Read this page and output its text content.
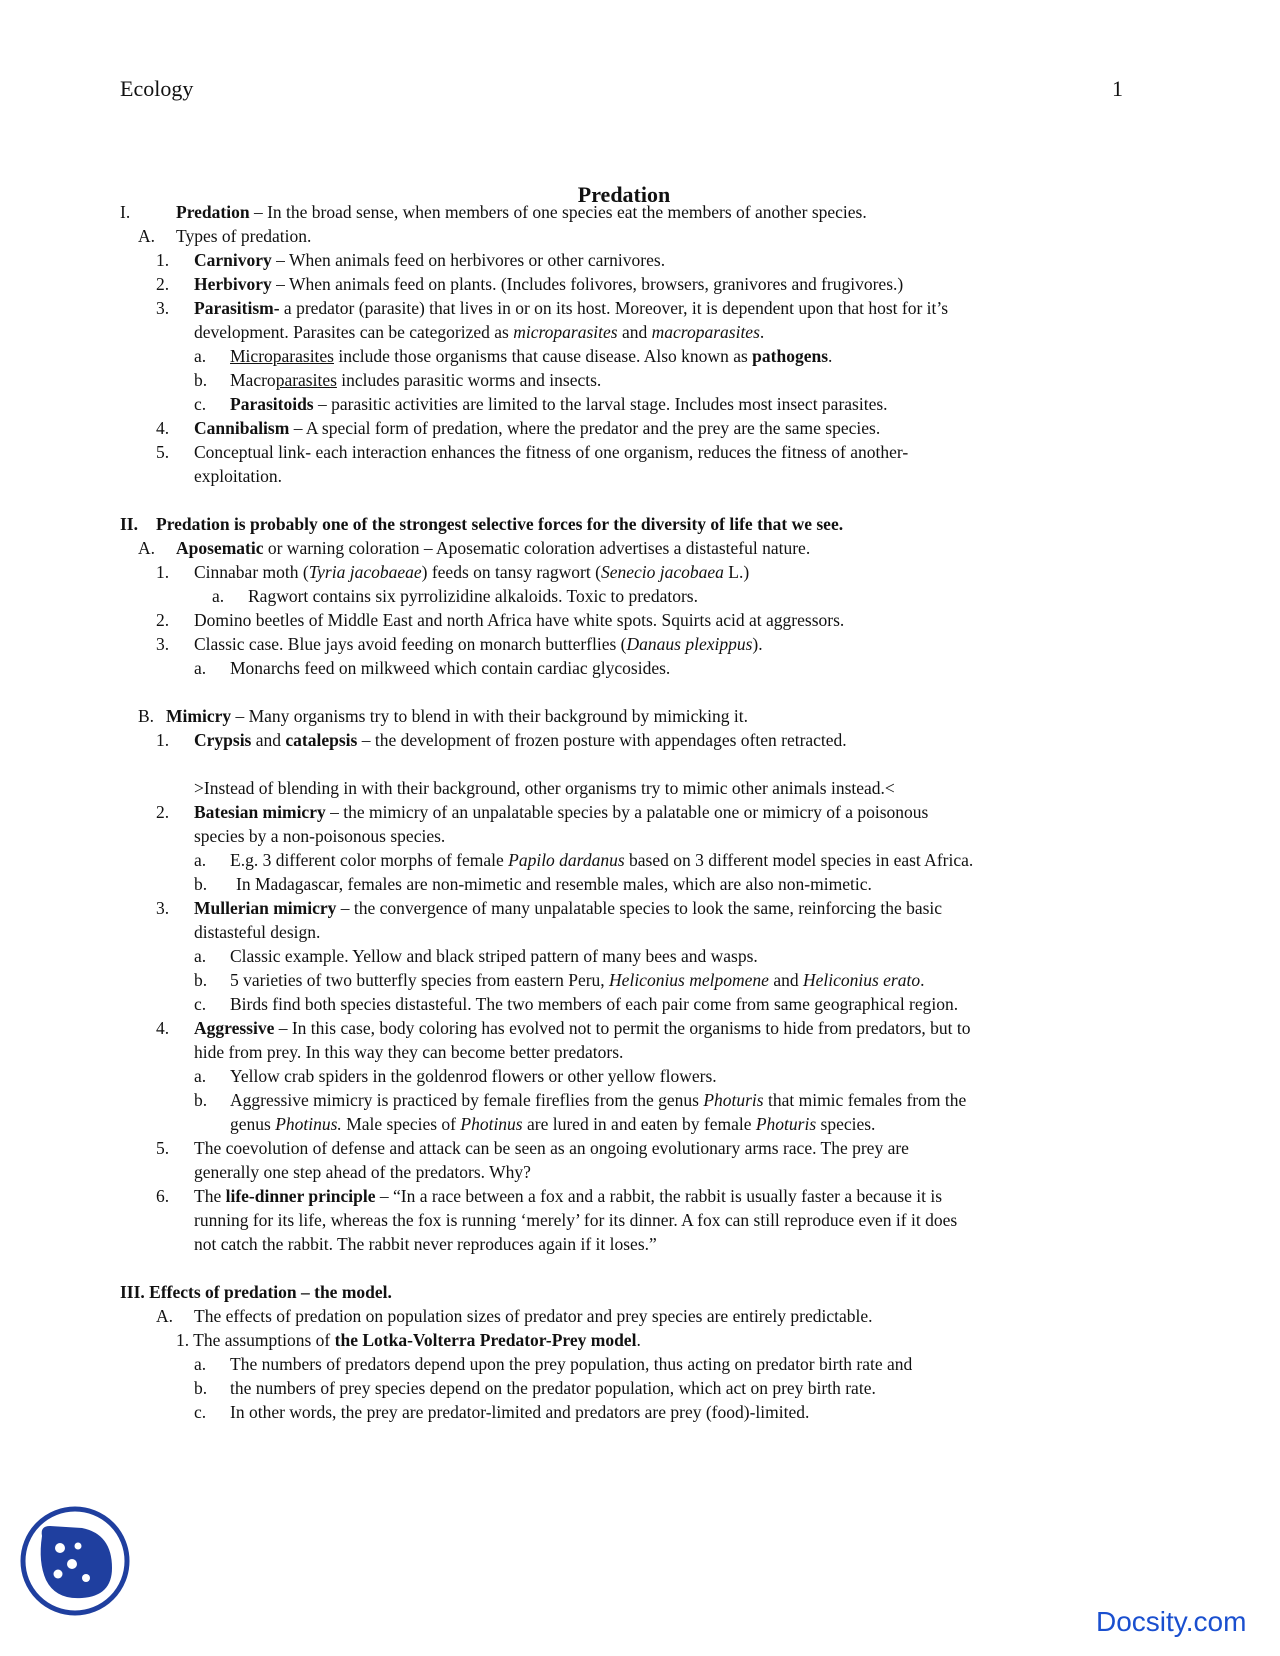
Ecology	1
Predation
I.	Predation – In the broad sense, when members of one species eat the members of another species.
A. Types of predation.
1. Carnivory – When animals feed on herbivores or other carnivores.
2. Herbivory – When animals feed on plants. (Includes folivores, browsers, granivores and frugivores.)
3. Parasitism- a predator (parasite) that lives in or on its host. Moreover, it is dependent upon that host for it’s
development. Parasites can be categorized as microparasites and macroparasites.
a. Microparasites include those organisms that cause disease. Also known as pathogens.
b. Macroparasites includes parasitic worms and insects.
c. Parasitoids – parasitic activities are limited to the larval stage. Includes most insect parasites.
4. Cannibalism – A special form of predation, where the predator and the prey are the same species.
5. Conceptual link- each interaction enhances the fitness of one organism, reduces the fitness of another-
exploitation.
II. Predation is probably one of the strongest selective forces for the diversity of life that we see.
A. Aposematic or warning coloration – Aposematic coloration advertises a distasteful nature.
1. Cinnabar moth (Tyria jacobaeae) feeds on tansy ragwort (Senecio jacobaea L.)
a. Ragwort contains six pyrrolizidine alkaloids. Toxic to predators.
2. Domino beetles of Middle East and north Africa have white spots. Squirts acid at aggressors.
3. Classic case. Blue jays avoid feeding on monarch butterflies (Danaus plexippus).
a. Monarchs feed on milkweed which contain cardiac glycosides.
B. Mimicry – Many organisms try to blend in with their background by mimicking it.
1. Crypsis and catalepsis – the development of frozen posture with appendages often retracted.
>Instead of blending in with their background, other organisms try to mimic other animals instead.<
2. Batesian mimicry – the mimicry of an unpalatable species by a palatable one or mimicry of a poisonous
species by a non-poisonous species.
a. E.g. 3 different color morphs of female Papilo dardanus based on 3 different model species in east Africa.
b. In Madagascar, females are non-mimetic and resemble males, which are also non-mimetic.
3. Mullerian mimicry – the convergence of many unpalatable species to look the same, reinforcing the basic
distasteful design.
a. Classic example. Yellow and black striped pattern of many bees and wasps.
b. 5 varieties of two butterfly species from eastern Peru, Heliconius melpomene and Heliconius erato.
c. Birds find both species distasteful. The two members of each pair come from same geographical region.
4. Aggressive – In this case, body coloring has evolved not to permit the organisms to hide from predators, but to
hide from prey. In this way they can become better predators.
a. Yellow crab spiders in the goldenrod flowers or other yellow flowers.
b. Aggressive mimicry is practiced by female fireflies from the genus Photuris that mimic females from the
genus Photinus. Male species of Photinus are lured in and eaten by female Photuris species.
5. The coevolution of defense and attack can be seen as an ongoing evolutionary arms race. The prey are
generally one step ahead of the predators. Why?
6. The life-dinner principle – “In a race between a fox and a rabbit, the rabbit is usually faster a because it is
running for its life, whereas the fox is running ‘merely’ for its dinner. A fox can still reproduce even if it does
not catch the rabbit. The rabbit never reproduces again if it loses.”
III. Effects of predation – the model.
A. The effects of predation on population sizes of predator and prey species are entirely predictable.
1. The assumptions of the Lotka-Volterra Predator-Prey model.
a. The numbers of predators depend upon the prey population, thus acting on predator birth rate and
b. the numbers of prey species depend on the predator population, which act on prey birth rate.
c. In other words, the prey are predator-limited and predators are prey (food)-limited.
Docsity.com
